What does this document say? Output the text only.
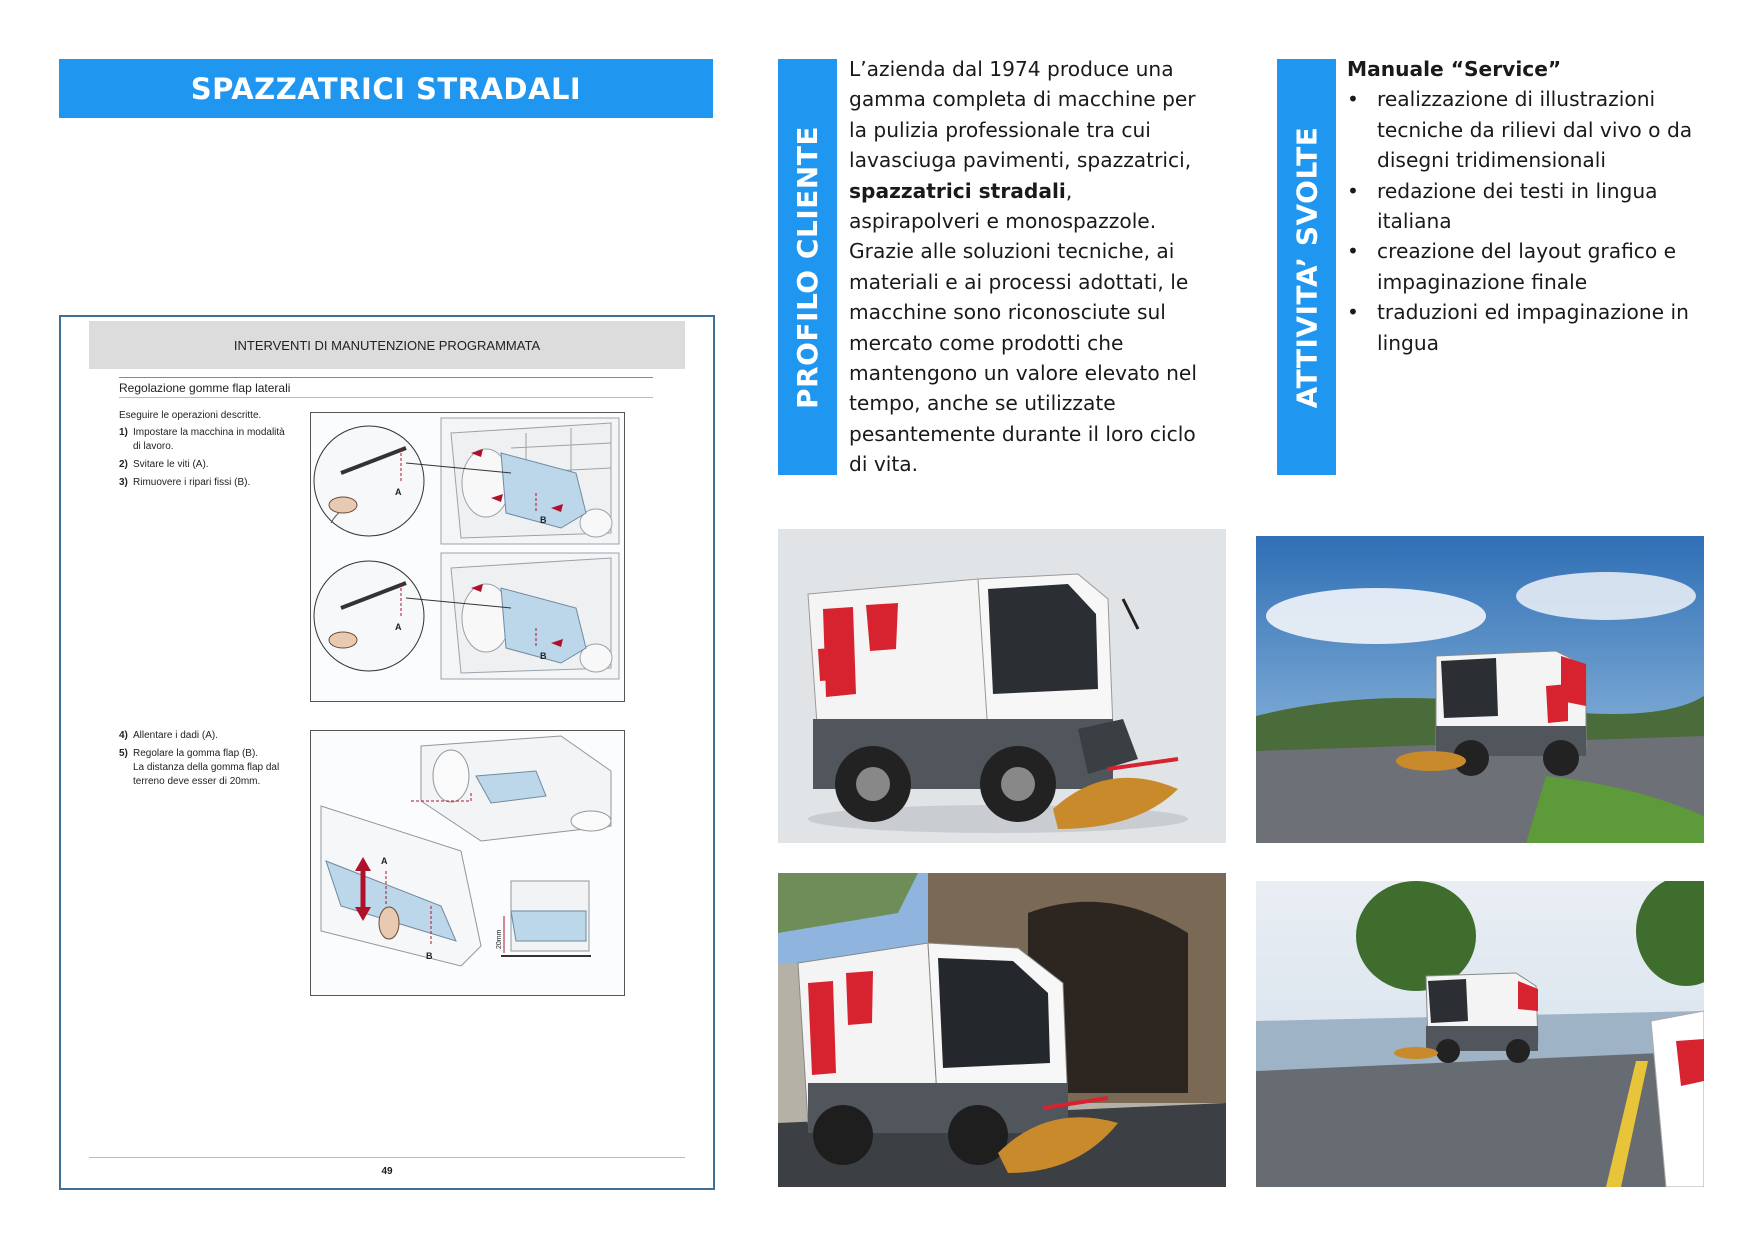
SPAZZATRICI STRADALI
INTERVENTI DI MANUTENZIONE PROGRAMMATA
Regolazione gomme flap laterali
Eseguire le operazioni descritte.
1) Impostare la macchina in modalità di lavoro.
2) Svitare le viti (A).
3) Rimuovere i ripari fissi (B).
A
B
A
B
4) Allentare i dadi (A).
5) Regolare la gomma flap (B).
La distanza della gomma flap dal terreno deve esser di 20mm.
A
B
20mm
49
PROFILO CLIENTE
L’azienda dal 1974 produce una gamma completa di macchine per la pulizia professionale tra cui lavasciuga pavimenti, spazzatrici, spazzatrici stradali, aspirapolveri e monospazzole.
Grazie alle soluzioni tecniche, ai materiali e ai processi adottati, le macchine sono riconosciute sul mercato come prodotti che mantengono un valore elevato nel tempo, anche se utilizzate pesantemente durante il loro ciclo di vita.
ATTIVITA’ SVOLTE
Manuale “Service”
• realizzazione di illustrazioni tecniche da rilievi dal vivo o da disegni tridimensionali
• redazione dei testi in lingua italiana
• creazione del layout grafico e impaginazione finale
• traduzioni ed impaginazione in lingua
